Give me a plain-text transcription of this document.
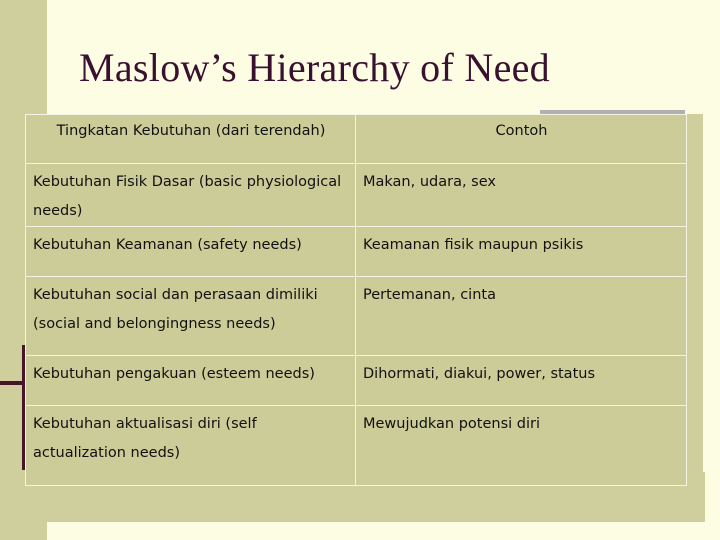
Maslow’s Hierarchy of Need
Tingkatan Kebutuhan (dari terendah)	Contoh
Kebutuhan Fisik Dasar (basic physiological needs)	Makan, udara, sex
Kebutuhan Keamanan (safety needs)	Keamanan fisik maupun psikis
Kebutuhan social dan perasaan dimiliki (social and belongingness needs)	Pertemanan, cinta
Kebutuhan pengakuan (esteem needs)	Dihormati, diakui, power, status
Kebutuhan aktualisasi diri (self actualization needs)	Mewujudkan potensi diri
